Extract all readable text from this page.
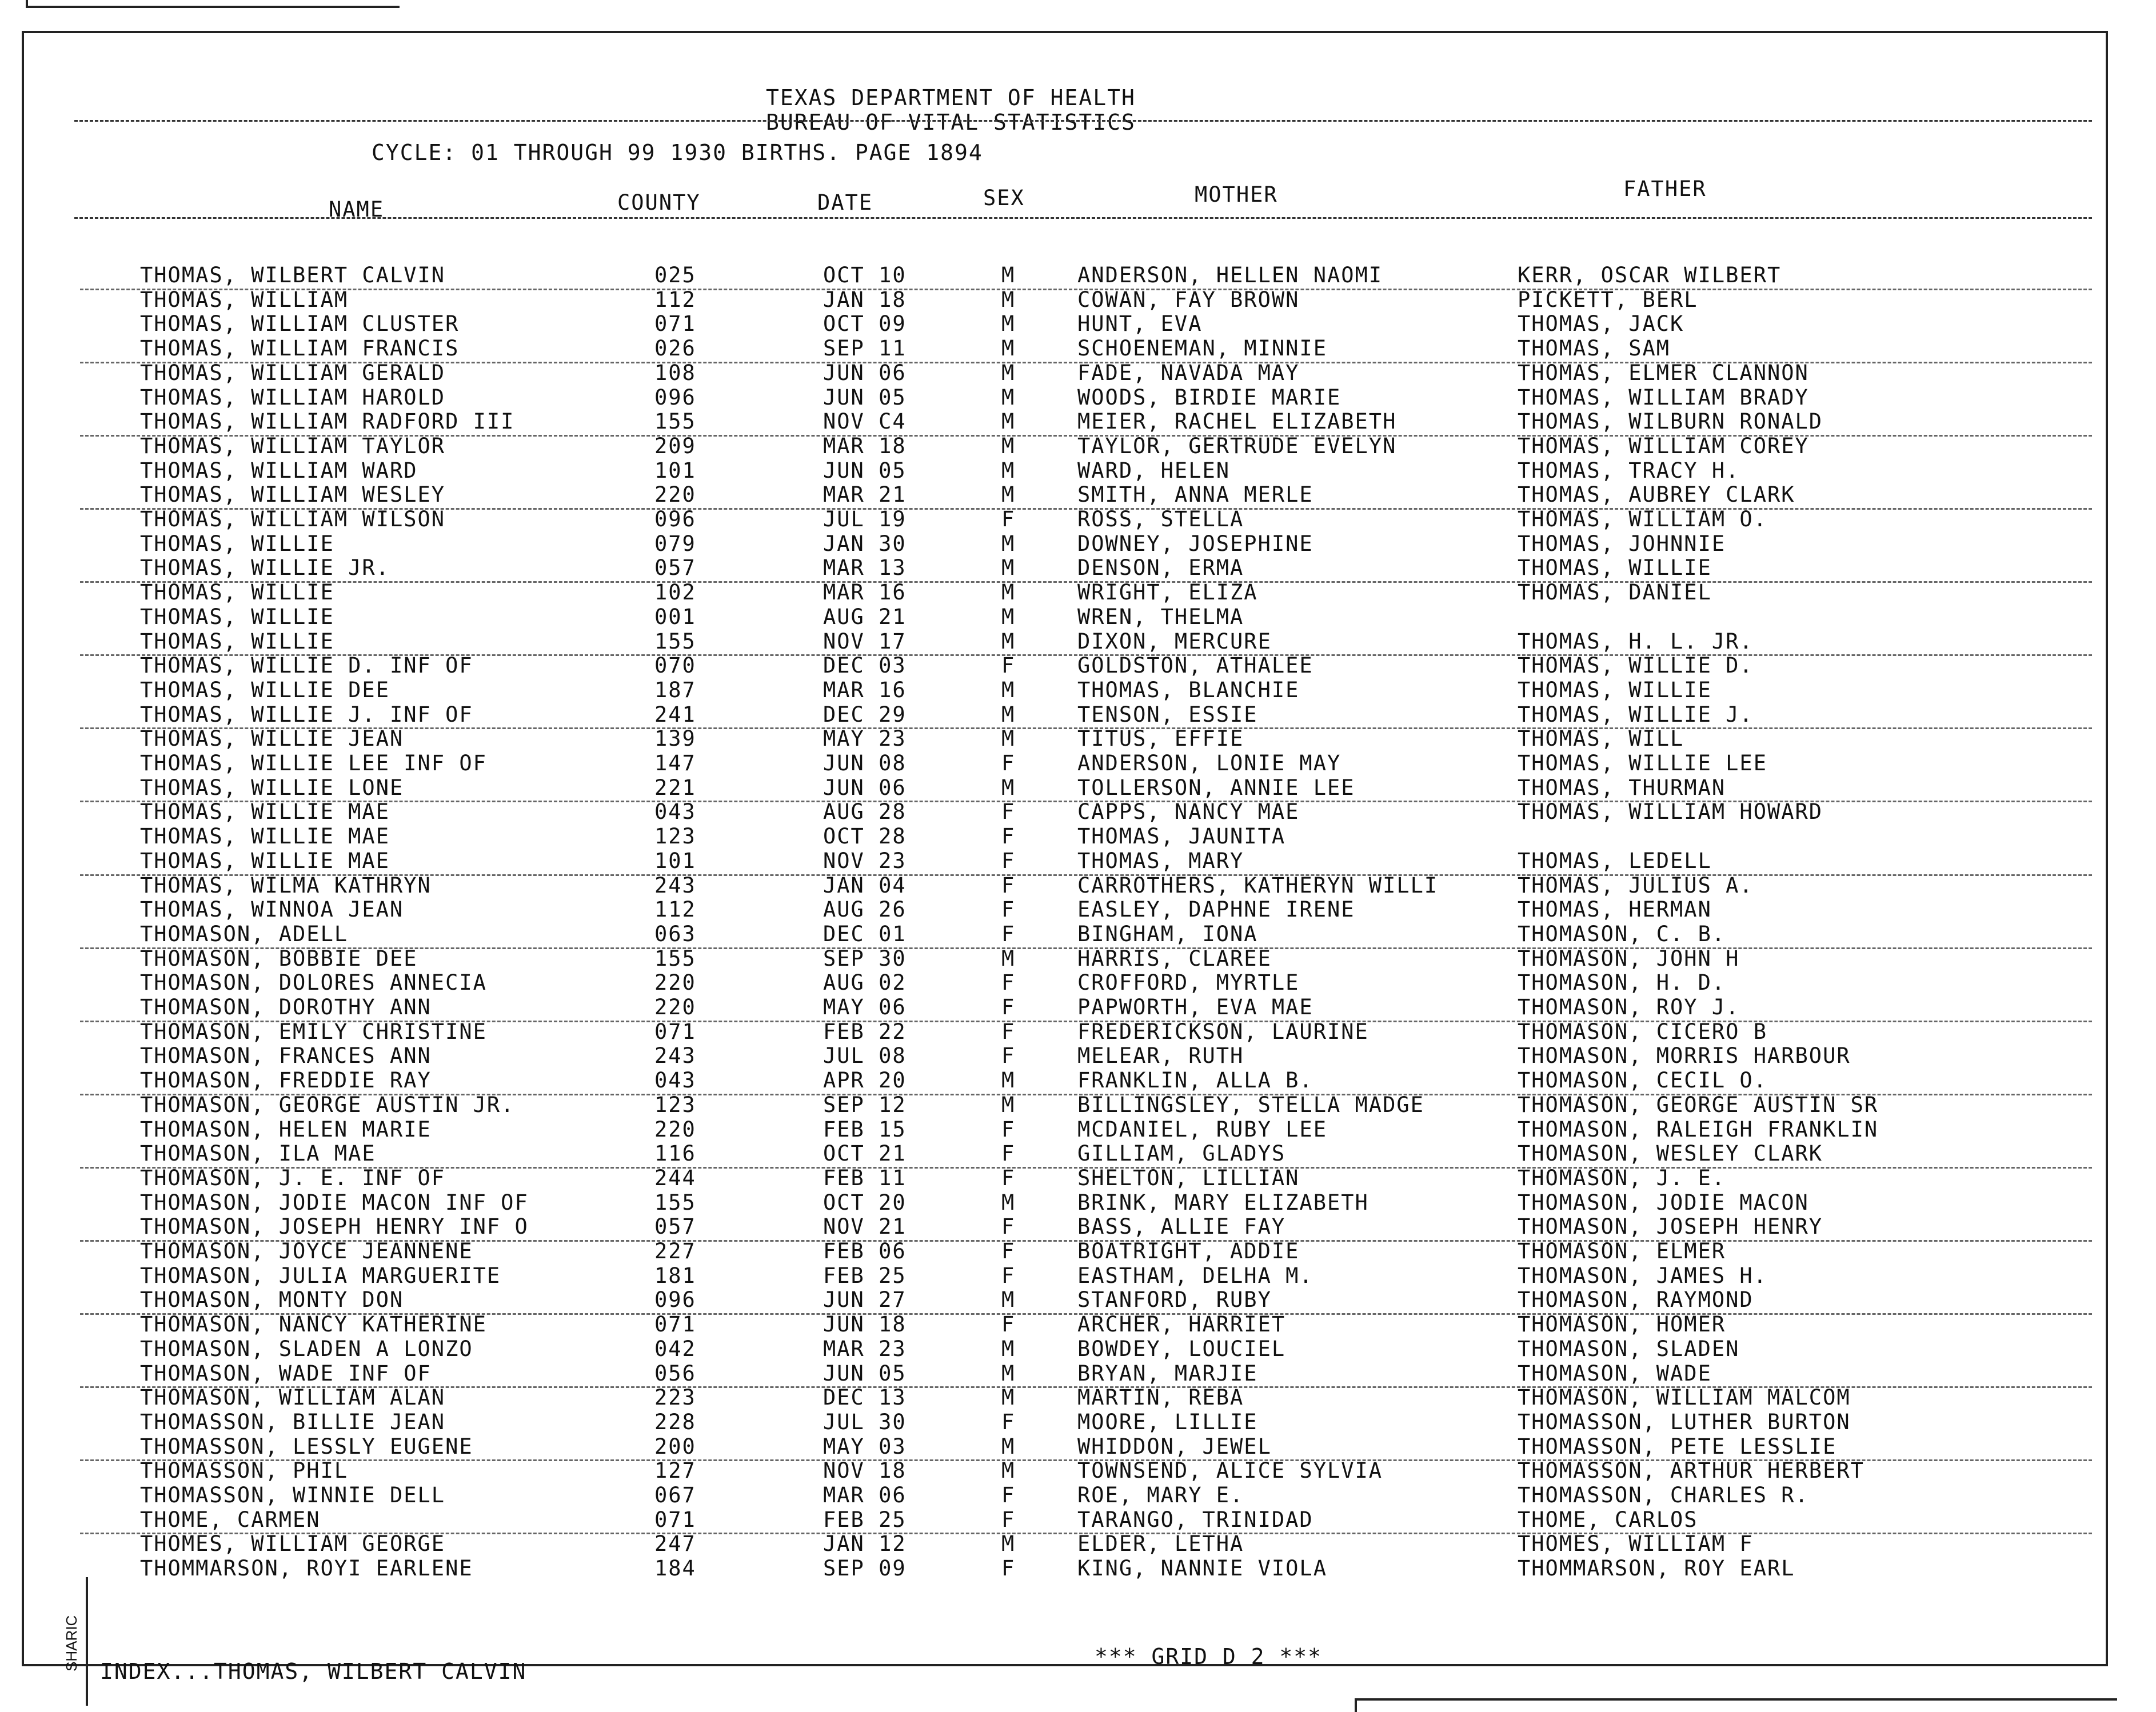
TEXAS DEPARTMENT OF HEALTH
BUREAU OF VITAL STATISTICS
CYCLE: 01 THROUGH 99 1930 BIRTHS. PAGE 1894
NAME	COUNTY	DATE	SEX	MOTHER	FATHER
THOMAS, WILBERT CALVIN	025	OCT 10	M	ANDERSON, HELLEN NAOMI	KERR, OSCAR WILBERT
THOMAS, WILLIAM	112	JAN 18	M	COWAN, FAY BROWN	PICKETT, BERL
THOMAS, WILLIAM CLUSTER	071	OCT 09	M	HUNT, EVA	THOMAS, JACK
THOMAS, WILLIAM FRANCIS	026	SEP 11	M	SCHOENEMAN, MINNIE	THOMAS, SAM
THOMAS, WILLIAM GERALD	108	JUN 06	M	FADE, NAVADA MAY	THOMAS, ELMER CLANNON
THOMAS, WILLIAM HAROLD	096	JUN 05	M	WOODS, BIRDIE MARIE	THOMAS, WILLIAM BRADY
THOMAS, WILLIAM RADFORD III	155	NOV C4	M	MEIER, RACHEL ELIZABETH	THOMAS, WILBURN RONALD
THOMAS, WILLIAM TAYLOR	209	MAR 18	M	TAYLOR, GERTRUDE EVELYN	THOMAS, WILLIAM COREY
THOMAS, WILLIAM WARD	101	JUN 05	M	WARD, HELEN	THOMAS, TRACY H.
THOMAS, WILLIAM WESLEY	220	MAR 21	M	SMITH, ANNA MERLE	THOMAS, AUBREY CLARK
THOMAS, WILLIAM WILSON	096	JUL 19	F	ROSS, STELLA	THOMAS, WILLIAM O.
THOMAS, WILLIE	079	JAN 30	M	DOWNEY, JOSEPHINE	THOMAS, JOHNNIE
THOMAS, WILLIE JR.	057	MAR 13	M	DENSON, ERMA	THOMAS, WILLIE
THOMAS, WILLIE	102	MAR 16	M	WRIGHT, ELIZA	THOMAS, DANIEL
THOMAS, WILLIE	001	AUG 21	M	WREN, THELMA
THOMAS, WILLIE	155	NOV 17	M	DIXON, MERCURE	THOMAS, H. L. JR.
THOMAS, WILLIE D. INF OF	070	DEC 03	F	GOLDSTON, ATHALEE	THOMAS, WILLIE D.
THOMAS, WILLIE DEE	187	MAR 16	M	THOMAS, BLANCHIE	THOMAS, WILLIE
THOMAS, WILLIE J. INF OF	241	DEC 29	M	TENSON, ESSIE	THOMAS, WILLIE J.
THOMAS, WILLIE JEAN	139	MAY 23	M	TITUS, EFFIE	THOMAS, WILL
THOMAS, WILLIE LEE INF OF	147	JUN 08	F	ANDERSON, LONIE MAY	THOMAS, WILLIE LEE
THOMAS, WILLIE LONE	221	JUN 06	M	TOLLERSON, ANNIE LEE	THOMAS, THURMAN
THOMAS, WILLIE MAE	043	AUG 28	F	CAPPS, NANCY MAE	THOMAS, WILLIAM HOWARD
THOMAS, WILLIE MAE	123	OCT 28	F	THOMAS, JAUNITA
THOMAS, WILLIE MAE	101	NOV 23	F	THOMAS, MARY	THOMAS, LEDELL
THOMAS, WILMA KATHRYN	243	JAN 04	F	CARROTHERS, KATHERYN WILLI	THOMAS, JULIUS A.
THOMAS, WINNOA JEAN	112	AUG 26	F	EASLEY, DAPHNE IRENE	THOMAS, HERMAN
THOMASON, ADELL	063	DEC 01	F	BINGHAM, IONA	THOMASON, C. B.
THOMASON, BOBBIE DEE	155	SEP 30	M	HARRIS, CLAREE	THOMASON, JOHN H
THOMASON, DOLORES ANNECIA	220	AUG 02	F	CROFFORD, MYRTLE	THOMASON, H. D.
THOMASON, DOROTHY ANN	220	MAY 06	F	PAPWORTH, EVA MAE	THOMASON, ROY J.
THOMASON, EMILY CHRISTINE	071	FEB 22	F	FREDERICKSON, LAURINE	THOMASON, CICERO B
THOMASON, FRANCES ANN	243	JUL 08	F	MELEAR, RUTH	THOMASON, MORRIS HARBOUR
THOMASON, FREDDIE RAY	043	APR 20	M	FRANKLIN, ALLA B.	THOMASON, CECIL O.
THOMASON, GEORGE AUSTIN JR.	123	SEP 12	M	BILLINGSLEY, STELLA MADGE	THOMASON, GEORGE AUSTIN SR
THOMASON, HELEN MARIE	220	FEB 15	F	MCDANIEL, RUBY LEE	THOMASON, RALEIGH FRANKLIN
THOMASON, ILA MAE	116	OCT 21	F	GILLIAM, GLADYS	THOMASON, WESLEY CLARK
THOMASON, J. E. INF OF	244	FEB 11	F	SHELTON, LILLIAN	THOMASON, J. E.
THOMASON, JODIE MACON INF OF	155	OCT 20	M	BRINK, MARY ELIZABETH	THOMASON, JODIE MACON
THOMASON, JOSEPH HENRY INF O	057	NOV 21	F	BASS, ALLIE FAY	THOMASON, JOSEPH HENRY
THOMASON, JOYCE JEANNENE	227	FEB 06	F	BOATRIGHT, ADDIE	THOMASON, ELMER
THOMASON, JULIA MARGUERITE	181	FEB 25	F	EASTHAM, DELHA M.	THOMASON, JAMES H.
THOMASON, MONTY DON	096	JUN 27	M	STANFORD, RUBY	THOMASON, RAYMOND
THOMASON, NANCY KATHERINE	071	JUN 18	F	ARCHER, HARRIET	THOMASON, HOMER
THOMASON, SLADEN A LONZO	042	MAR 23	M	BOWDEY, LOUCIEL	THOMASON, SLADEN
THOMASON, WADE INF OF	056	JUN 05	M	BRYAN, MARJIE	THOMASON, WADE
THOMASON, WILLIAM ALAN	223	DEC 13	M	MARTIN, REBA	THOMASON, WILLIAM MALCOM
THOMASSON, BILLIE JEAN	228	JUL 30	F	MOORE, LILLIE	THOMASSON, LUTHER BURTON
THOMASSON, LESSLY EUGENE	200	MAY 03	M	WHIDDON, JEWEL	THOMASSON, PETE LESSLIE
THOMASSON, PHIL	127	NOV 18	M	TOWNSEND, ALICE SYLVIA	THOMASSON, ARTHUR HERBERT
THOMASSON, WINNIE DELL	067	MAR 06	F	ROE, MARY E.	THOMASSON, CHARLES R.
THOME, CARMEN	071	FEB 25	F	TARANGO, TRINIDAD	THOME, CARLOS
THOMES, WILLIAM GEORGE	247	JAN 12	M	ELDER, LETHA	THOMES, WILLIAM F
THOMMARSON, ROYI EARLENE	184	SEP 09	F	KING, NANNIE VIOLA	THOMMARSON, ROY EARL
INDEX...THOMAS, WILBERT CALVIN
*** GRID D 2 ***
SHARIC
